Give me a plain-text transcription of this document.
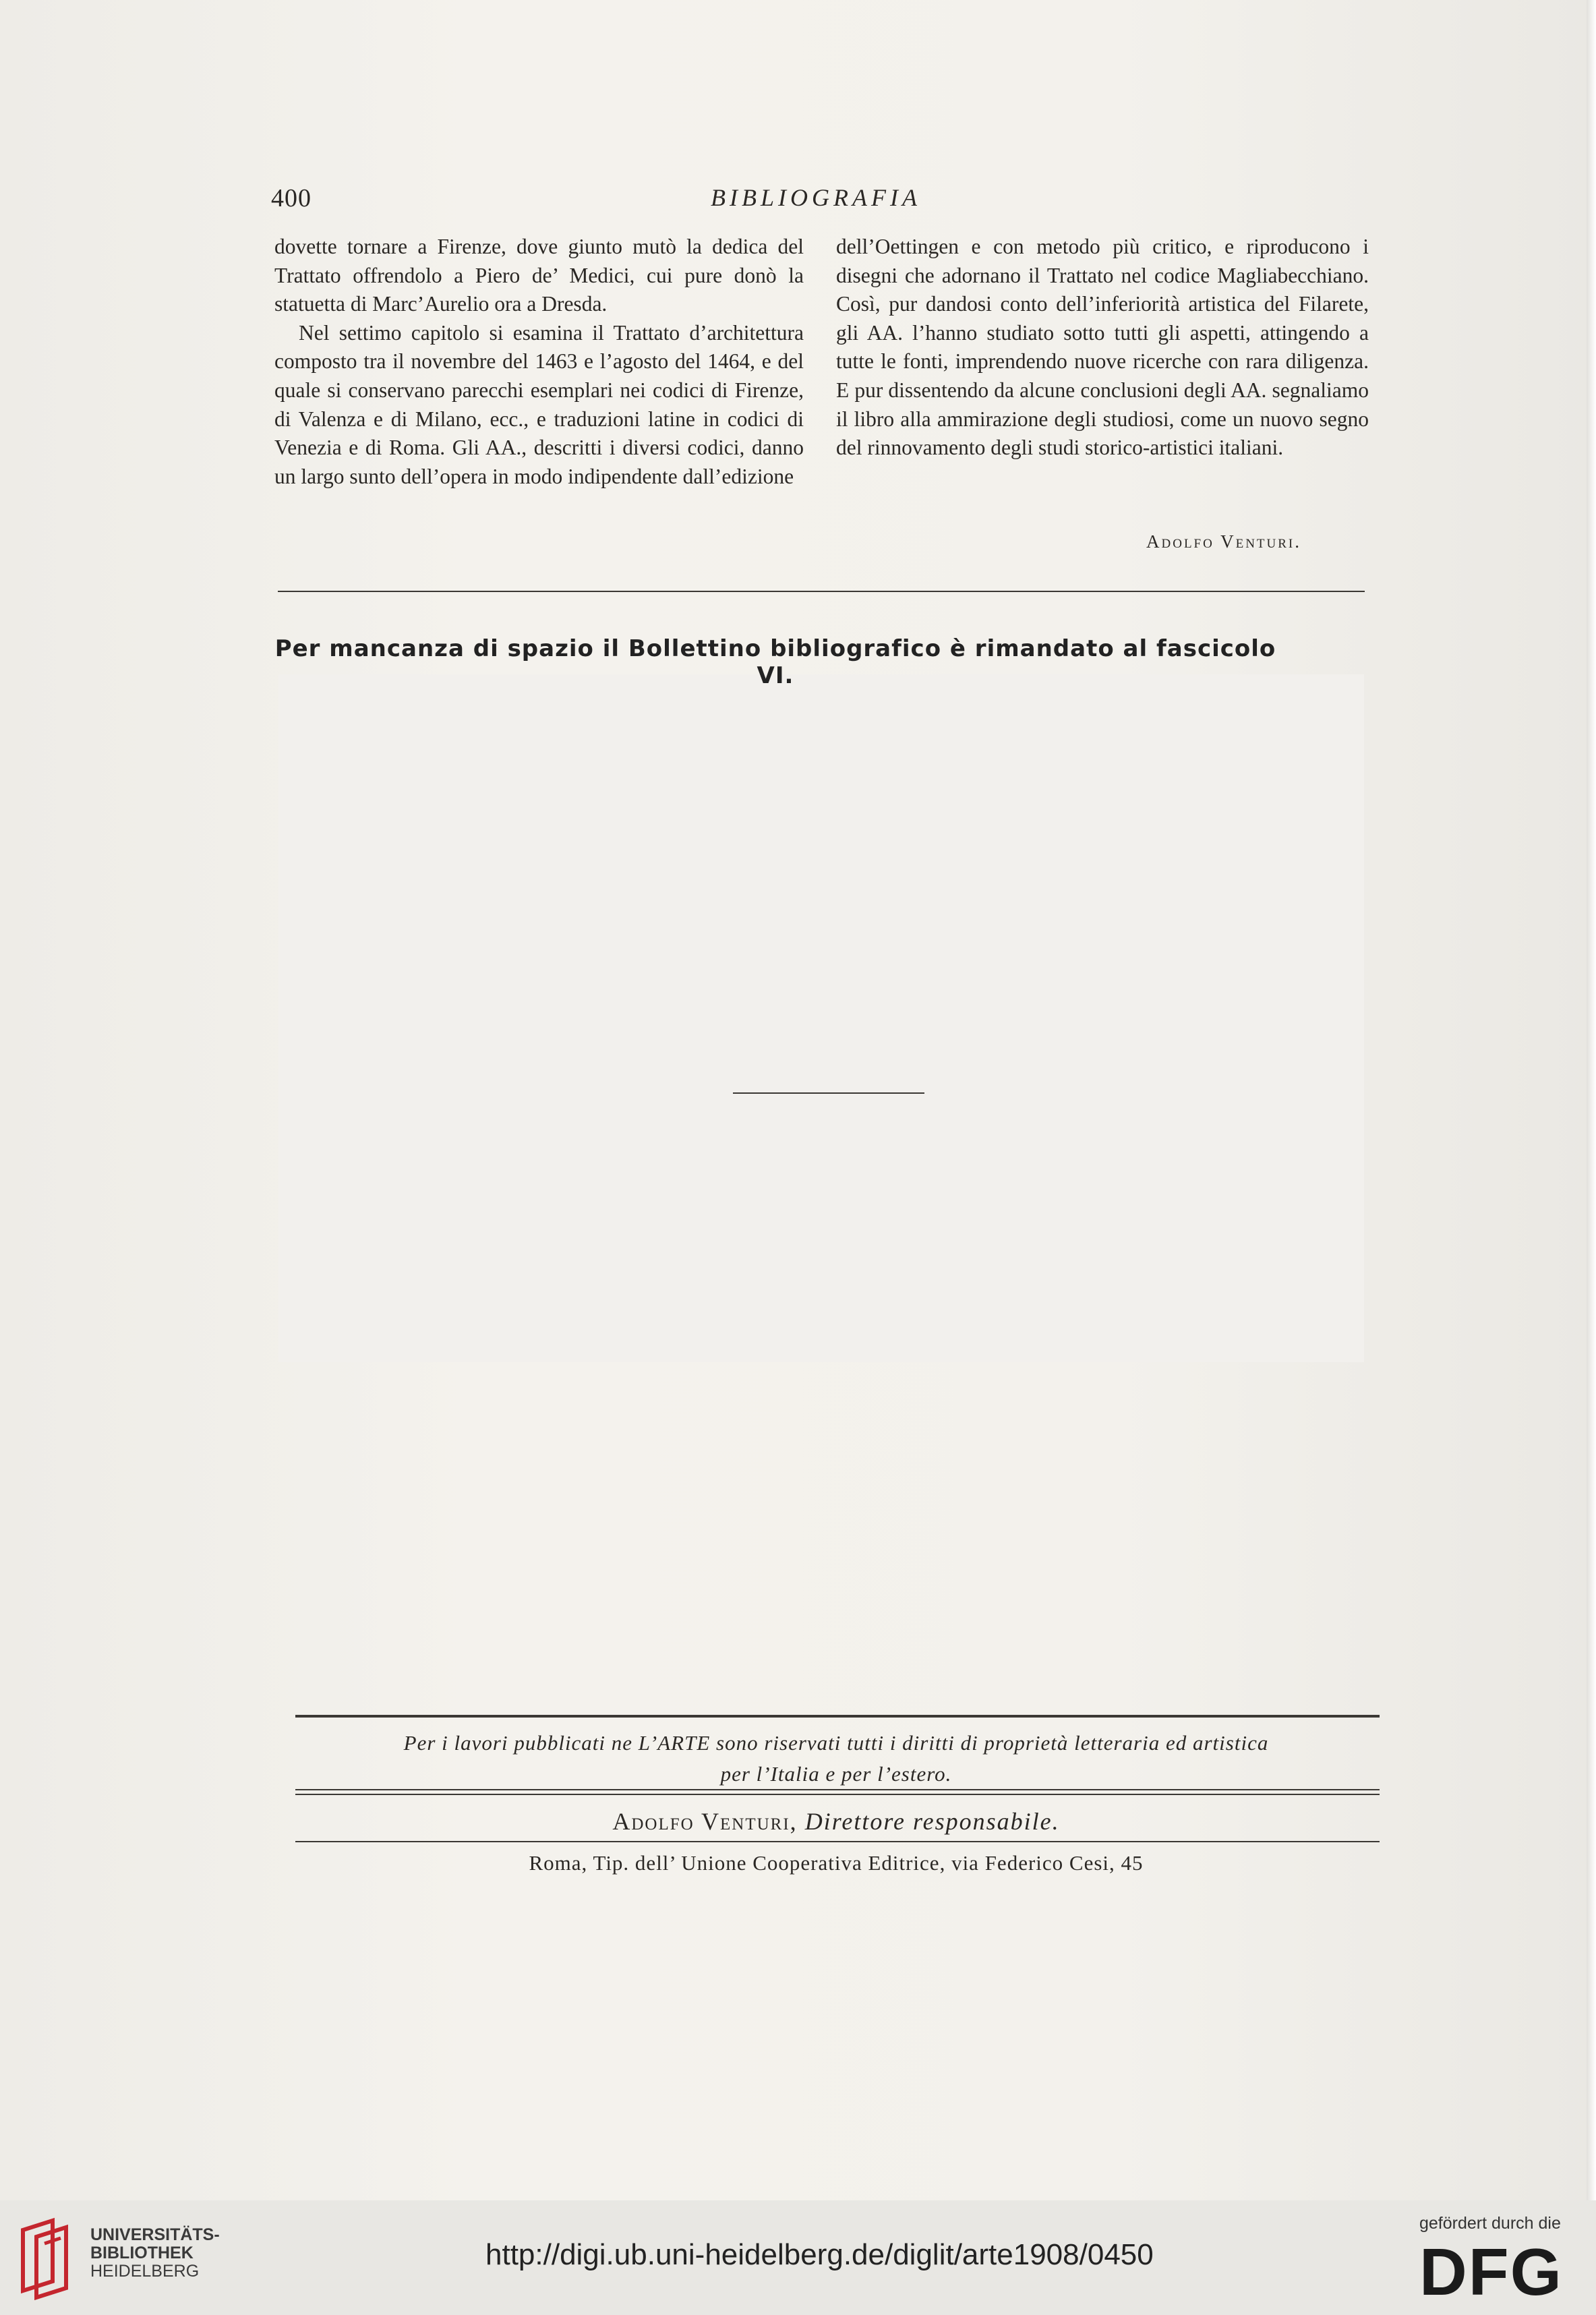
400	BIBLIOGRAFIA

dovette tornare a Firenze, dove giunto mutò la dedica del Trattato offrendolo a Piero de’ Medici, cui pure donò la statuetta di Marc’Aurelio ora a Dresda.

Nel settimo capitolo si esamina il Trattato d’architettura composto tra il novembre del 1463 e l’agosto del 1464, e del quale si conservano parecchi esemplari nei codici di Firenze, di Valenza e di Milano, ecc., e traduzioni latine in codici di Venezia e di Roma. Gli AA., descritti i diversi codici, danno un largo sunto dell’opera in modo indipendente dall’edizione

dell’Oettingen e con metodo più critico, e riproducono i disegni che adornano il Trattato nel codice Magliabecchiano. Così, pur dandosi conto dell’inferiorità artistica del Filarete, gli AA. l’hanno studiato sotto tutti gli aspetti, attingendo a tutte le fonti, imprendendo nuove ricerche con rara diligenza. E pur dissentendo da alcune conclusioni degli AA. segnaliamo il libro alla ammirazione degli studiosi, come un nuovo segno del rinnovamento degli studi storico-artistici italiani.

Adolfo Venturi.
Per mancanza di spazio il Bollettino bibliografico è rimandato al fascicolo VI.
Per i lavori pubblicati ne L’ARTE sono riservati tutti i diritti di proprietà letteraria ed artistica
per l’Italia e per l’estero.
Adolfo Venturi, Direttore responsabile.
Roma, Tip. dell’ Unione Cooperativa Editrice, via Federico Cesi, 45
UNIVERSITÄTS-
BIBLIOTHEK
HEIDELBERG	http://digi.ub.uni-heidelberg.de/diglit/arte1908/0450
gefördert durch die
DFG
